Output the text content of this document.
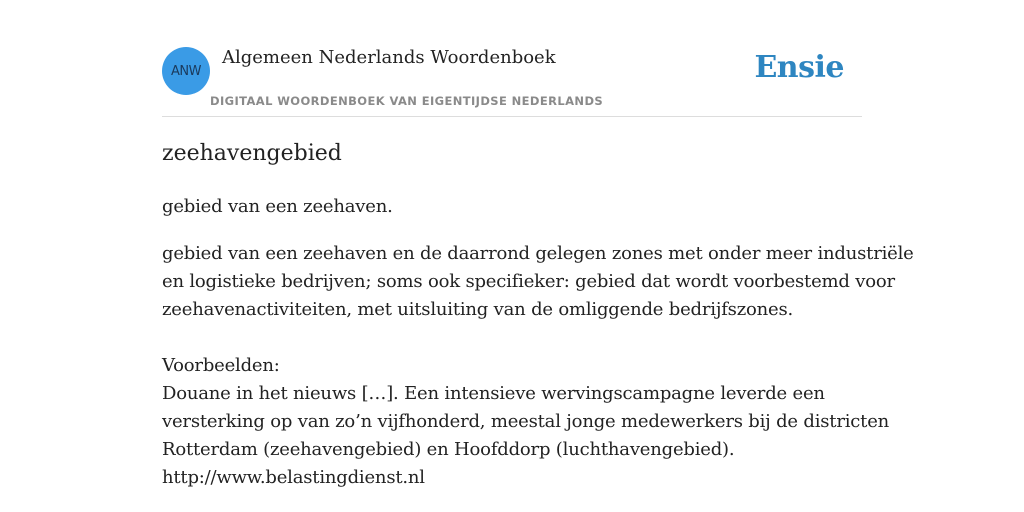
ANW
Algemeen Nederlands Woordenboek
DIGITAAL WOORDENBOEK VAN EIGENTIJDSE NEDERLANDS
Ensie
zeehavengebied

gebied van een zeehaven.

gebied van een zeehaven en de daarrond gelegen zones met onder meer industriële
en logistieke bedrijven; soms ook specifieker: gebied dat wordt voorbestemd voor
zeehavenactiviteiten, met uitsluiting van de omliggende bedrijfszones.

Voorbeelden:
Douane in het nieuws […]. Een intensieve wervingscampagne leverde een
versterking op van zo’n vijfhonderd, meestal jonge medewerkers bij de districten
Rotterdam (zeehavengebied) en Hoofddorp (luchthavengebied).
http://www.belastingdienst.nl
